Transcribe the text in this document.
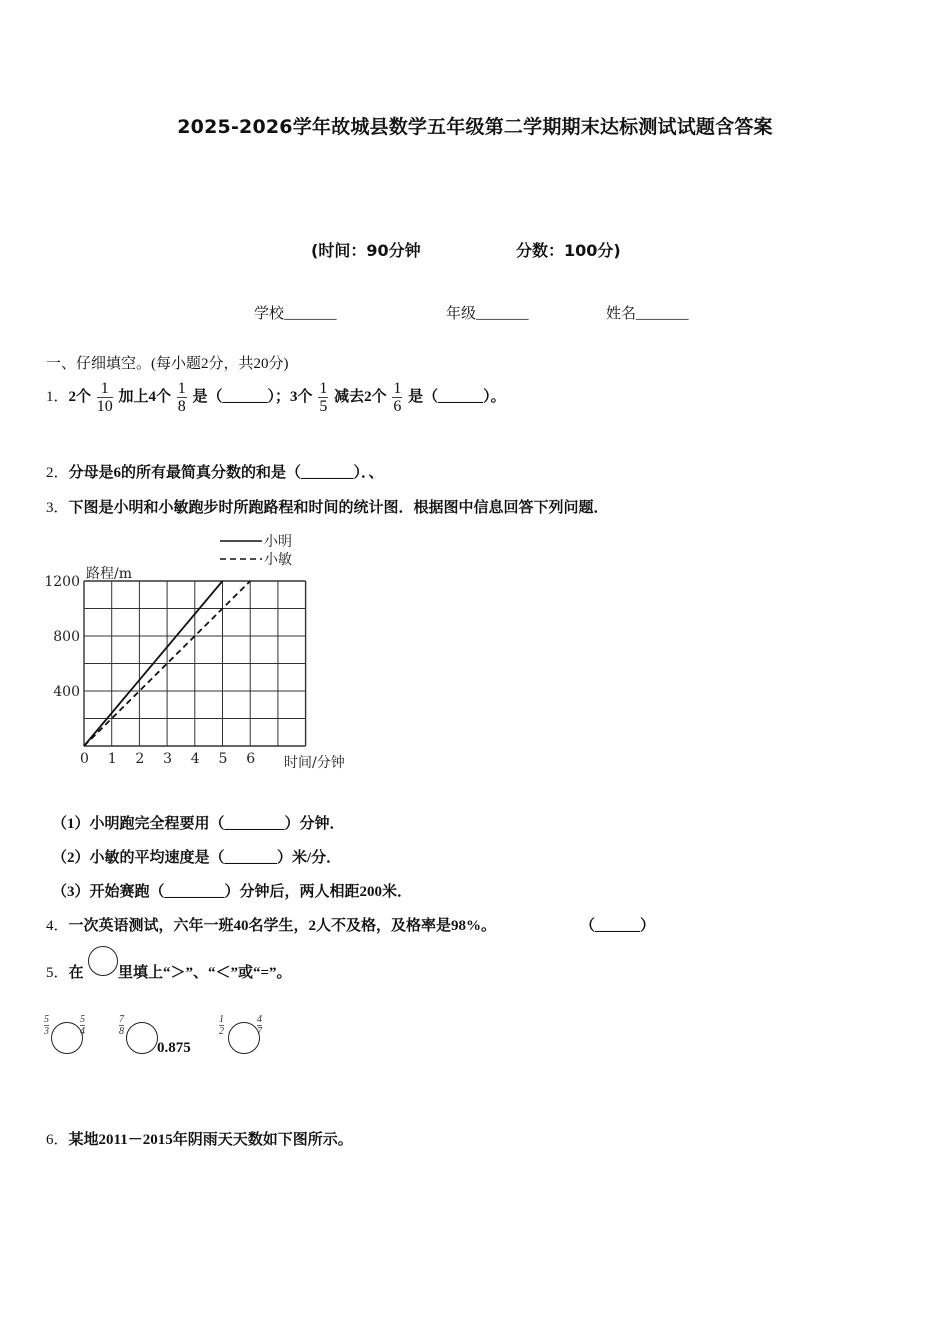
2025-2026学年故城县数学五年级第二学期期末达标测试试题含答案
(时间：90分钟	分数：100分)
学校_______	年级_______	姓名_______
一、仔细填空。(每小题2分，共20分)
1．2个 $\frac{1}{10}$ 加上4个 $\frac{1}{8}$ 是（______）；3个 $\frac{1}{5}$ 减去2个 $\frac{1}{6}$ 是（______）。
2．分母是6的所有最简真分数的和是（_______）．、
3．下图是小明和小敏跑步时所跑路程和时间的统计图．根据图中信息回答下列问题．
0 1 2 3 4 5 6
400
800
1200 路程/m
时间/分钟
小明
小敏
（1）小明跑完全程要用（________）分钟．
（2）小敏的平均速度是（_______）米/分．
（3）开始赛跑（________）分钟后，两人相距200米．
4．一次英语测试，六年一班40名学生，2人不及格，及格率是98%。	（______）
5．在 里填上“＞”、“＜”或“=”。
5
3
5
4
7
8
0.875
1
2
4
7
6．某地2011－2015年阴雨天天数如下图所示。
